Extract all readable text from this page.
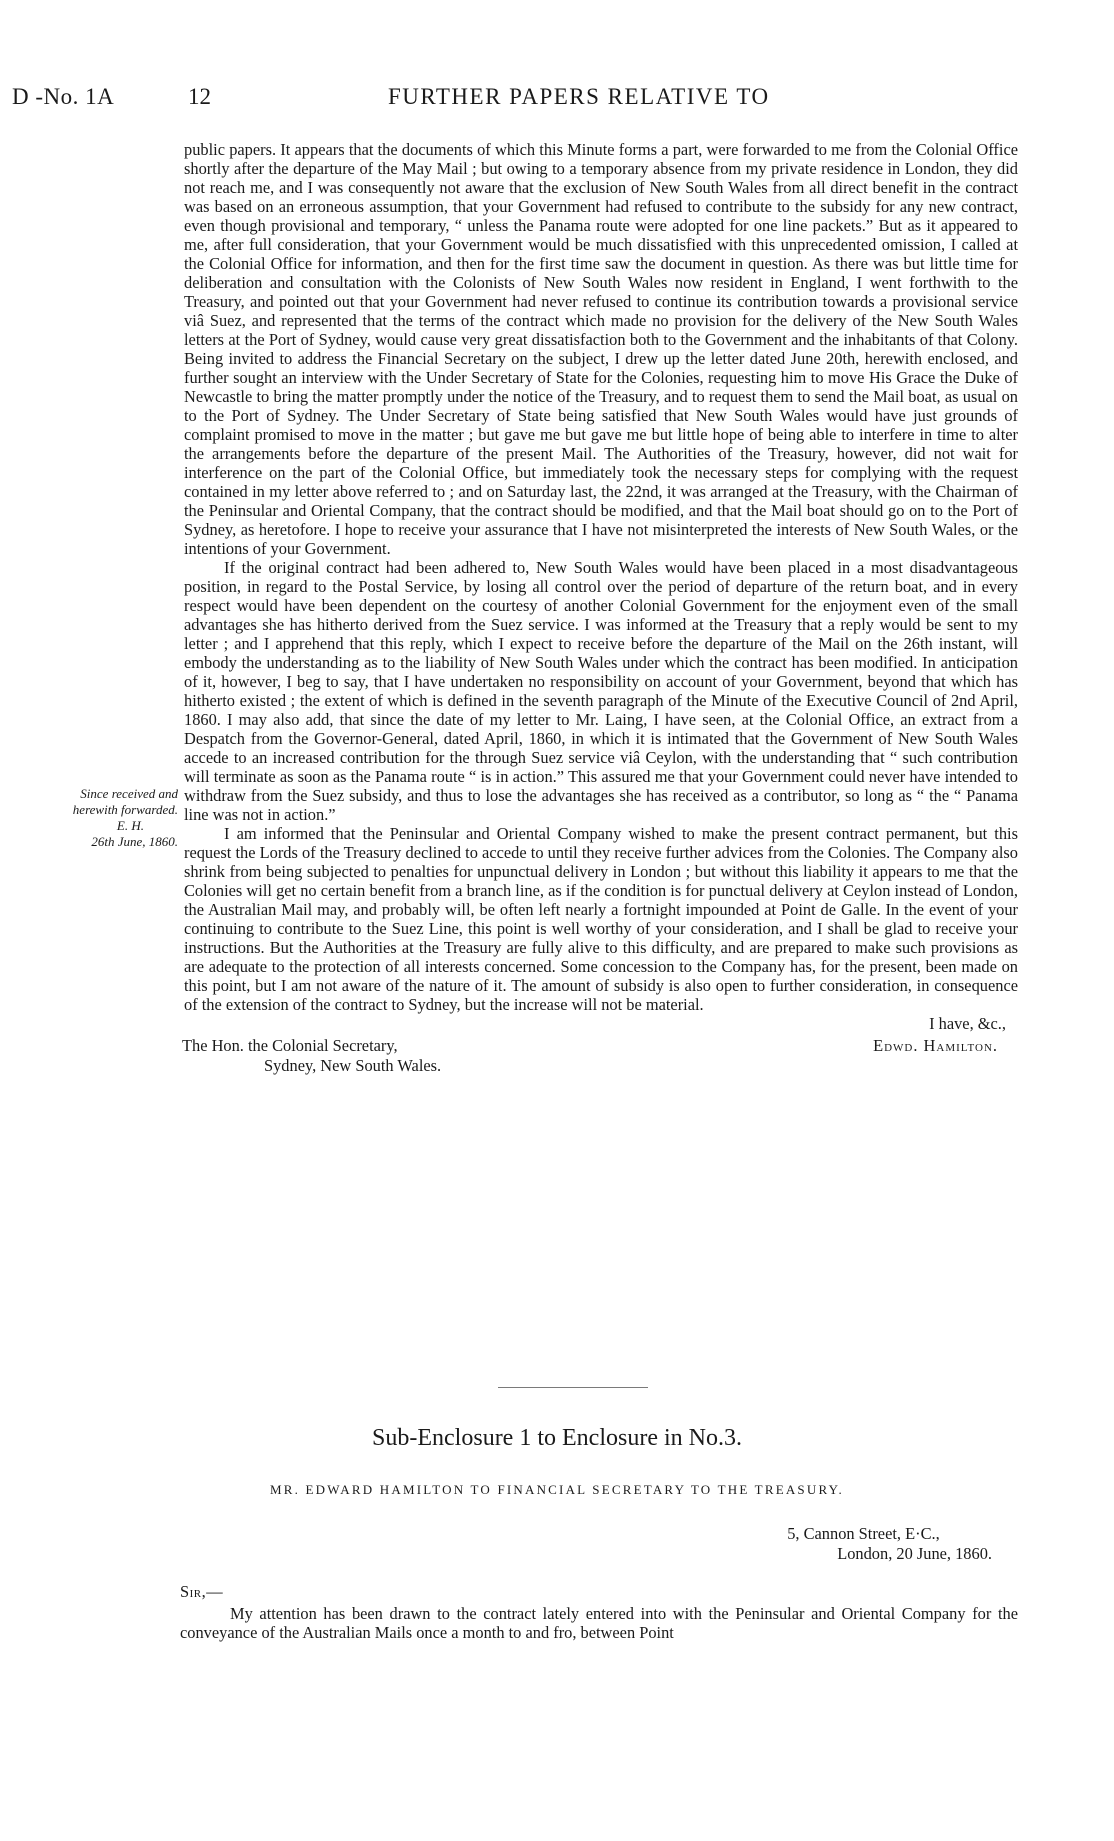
D -No. 1A	12	FURTHER PAPERS RELATIVE TO
Since received and
herewith forwarded.
E. H.
26th June, 1860.

public papers. It appears that the documents of which this Minute forms a part, were forwarded to me from the Colonial Office shortly after the departure of the May Mail ; but owing to a temporary absence from my private residence in London, they did not reach me, and I was consequently not aware that the exclusion of New South Wales from all direct benefit in the contract was based on an erroneous assumption, that your Government had refused to contribute to the subsidy for any new contract, even though provisional and temporary, “ unless the Panama route were adopted for one line packets.” But as it appeared to me, after full consideration, that your Government would be much dissatisfied with this unprecedented omission, I called at the Colonial Office for information, and then for the first time saw the document in question. As there was but little time for deliberation and consultation with the Colonists of New South Wales now resident in England, I went forthwith to the Treasury, and pointed out that your Government had never refused to continue its contribution towards a provisional service viâ Suez, and represented that the terms of the contract which made no provision for the delivery of the New South Wales letters at the Port of Sydney, would cause very great dissatisfaction both to the Government and the inhabitants of that Colony. Being invited to address the Financial Secretary on the subject, I drew up the letter dated June 20th, herewith enclosed, and further sought an interview with the Under Secretary of State for the Colonies, requesting him to move His Grace the Duke of Newcastle to bring the matter promptly under the notice of the Treasury, and to request them to send the Mail boat, as usual on to the Port of Sydney. The Under Secretary of State being satisfied that New South Wales would have just grounds of complaint promised to move in the matter ; but gave me but gave me but little hope of being able to interfere in time to alter the arrangements before the departure of the present Mail. The Authorities of the Treasury, however, did not wait for interference on the part of the Colonial Office, but immediately took the necessary steps for complying with the request contained in my letter above referred to ; and on Saturday last, the 22nd, it was arranged at the Treasury, with the Chairman of the Peninsular and Oriental Company, that the contract should be modified, and that the Mail boat should go on to the Port of Sydney, as heretofore. I hope to receive your assurance that I have not misinterpreted the interests of New South Wales, or the intentions of your Government.

If the original contract had been adhered to, New South Wales would have been placed in a most disadvantageous position, in regard to the Postal Service, by losing all control over the period of departure of the return boat, and in every respect would have been dependent on the courtesy of another Colonial Government for the enjoyment even of the small advantages she has hitherto derived from the Suez service. I was informed at the Treasury that a reply would be sent to my letter ; and I apprehend that this reply, which I expect to receive before the departure of the Mail on the 26th instant, will embody the understanding as to the liability of New South Wales under which the contract has been modified. In anticipation of it, however, I beg to say, that I have undertaken no responsibility on account of your Government, beyond that which has hitherto existed ; the extent of which is defined in the seventh paragraph of the Minute of the Executive Council of 2nd April, 1860. I may also add, that since the date of my letter to Mr. Laing, I have seen, at the Colonial Office, an extract from a Despatch from the Governor-General, dated April, 1860, in which it is intimated that the Government of New South Wales accede to an increased contribution for the through Suez service viâ Ceylon, with the understanding that “ such contribution will terminate as soon as the Panama route “ is in action.” This assured me that your Government could never have intended to withdraw from the Suez subsidy, and thus to lose the advantages she has received as a contributor, so long as “ the “ Panama line was not in action.”

I am informed that the Peninsular and Oriental Company wished to make the present contract permanent, but this request the Lords of the Treasury declined to accede to until they receive further advices from the Colonies. The Company also shrink from being subjected to penalties for unpunctual delivery in London ; but without this liability it appears to me that the Colonies will get no certain benefit from a branch line, as if the condition is for punctual delivery at Ceylon instead of London, the Australian Mail may, and probably will, be often left nearly a fortnight impounded at Point de Galle. In the event of your continuing to contribute to the Suez Line, this point is well worthy of your consideration, and I shall be glad to receive your instructions. But the Authorities at the Treasury are fully alive to this difficulty, and are prepared to make such provisions as are adequate to the protection of all interests concerned. Some concession to the Company has, for the present, been made on this point, but I am not aware of the nature of it. The amount of subsidy is also open to further consideration, in consequence of the extension of the contract to Sydney, but the increase will not be material.

I have, &c.,
The Hon. the Colonial Secretary,
Sydney, New South Wales.
Edwd. Hamilton.
Sub-Enclosure 1 to Enclosure in No.3.
MR. EDWARD HAMILTON TO FINANCIAL SECRETARY TO THE TREASURY.
5, Cannon Street, E·C.,
London, 20 June, 1860.
Sir,—

My attention has been drawn to the contract lately entered into with the Peninsular and Oriental Company for the conveyance of the Australian Mails once a month to and fro, between Point
